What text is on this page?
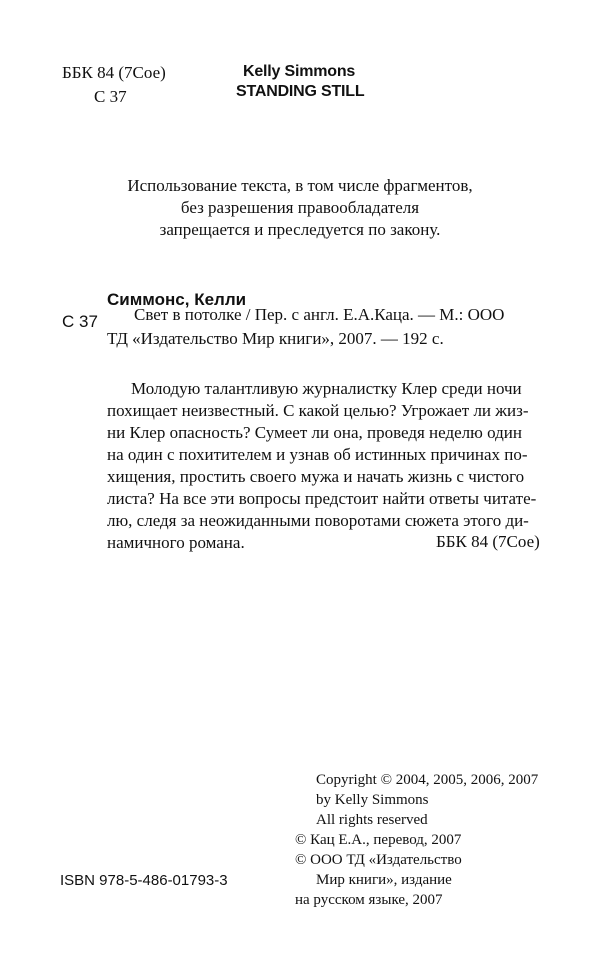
ББК 84 (7Сое)
С 37
Kelly Simmons
STANDING STILL
Использование текста, в том числе фрагментов,
без разрешения правообладателя
запрещается и преследуется по закону.
Симмонс, Келли
С 37 Свет в потолке / Пер. с англ. Е.А.Каца. — М.: ООО
ТД «Издательство Мир книги», 2007. — 192 с.
Молодую талантливую журналистку Клер среди ночи
похищает неизвестный. С какой целью? Угрожает ли жиз-
ни Клер опасность? Сумеет ли она, проведя неделю один
на один с похитителем и узнав об истинных причинах по-
хищения, простить своего мужа и начать жизнь с чистого
листа? На все эти вопросы предстоит найти ответы читате-
лю, следя за неожиданными поворотами сюжета этого ди-
намичного романа.	ББК 84 (7Сое)
Copyright © 2004, 2005, 2006, 2007
by Kelly Simmons
All rights reserved
© Кац Е.А., перевод, 2007
© ООО ТД «Издательство
Мир книги», издание
на русском языке, 2007
ISBN 978-5-486-01793-3
